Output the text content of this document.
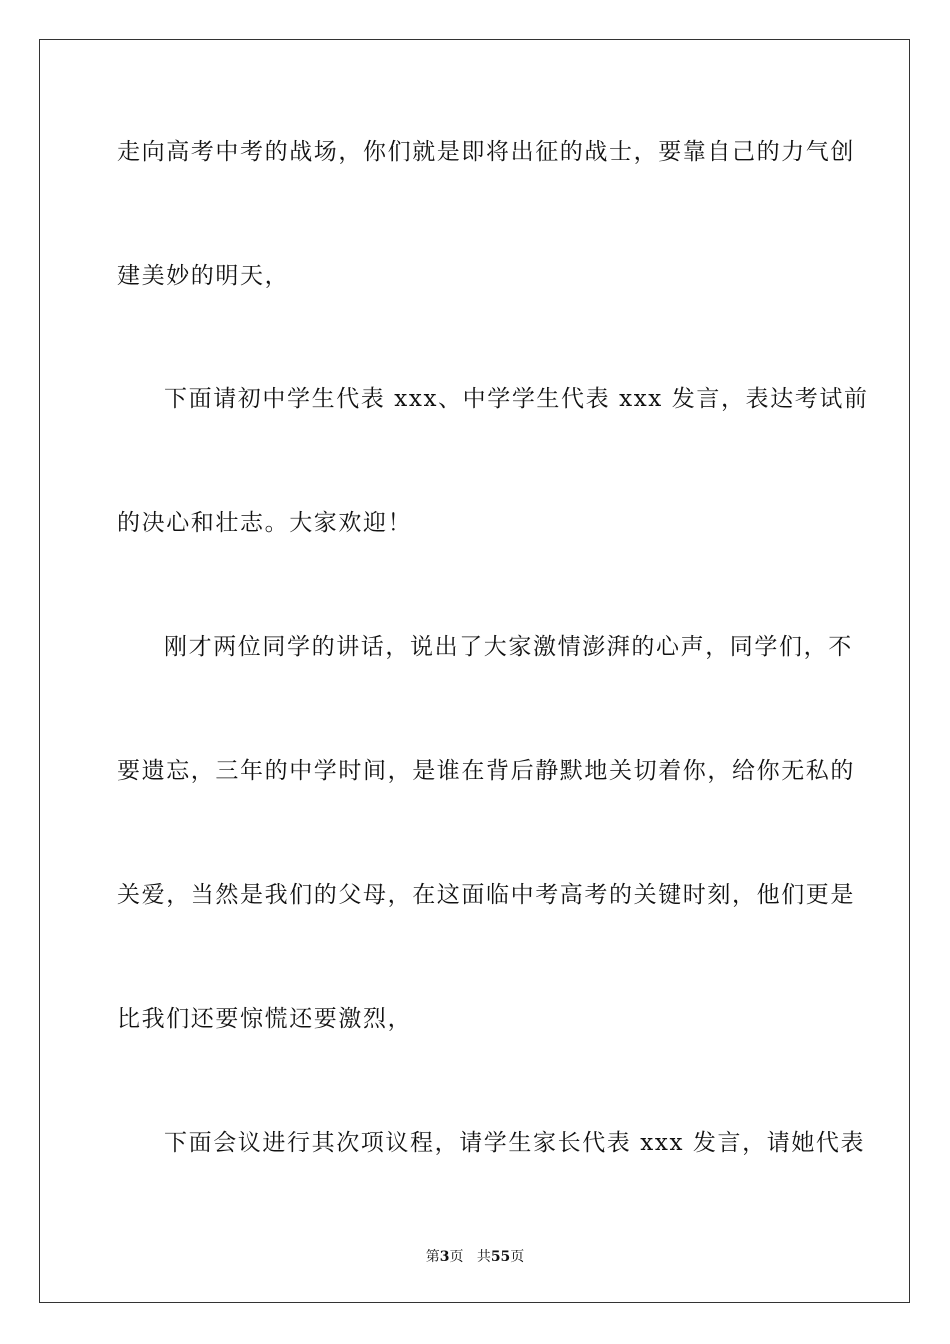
走向高考中考的战场，你们就是即将出征的战士，要靠自己的力气创
建美妙的明天，
下面请初中学生代表 xxx、中学学生代表 xxx 发言，表达考试前
的决心和壮志。大家欢迎！
刚才两位同学的讲话，说出了大家激情澎湃的心声，同学们，不
要遗忘，三年的中学时间，是谁在背后静默地关切着你，给你无私的
关爱，当然是我们的父母，在这面临中考高考的关键时刻，他们更是
比我们还要惊慌还要激烈，
下面会议进行其次项议程，请学生家长代表 xxx 发言，请她代表
第3页 共55页
